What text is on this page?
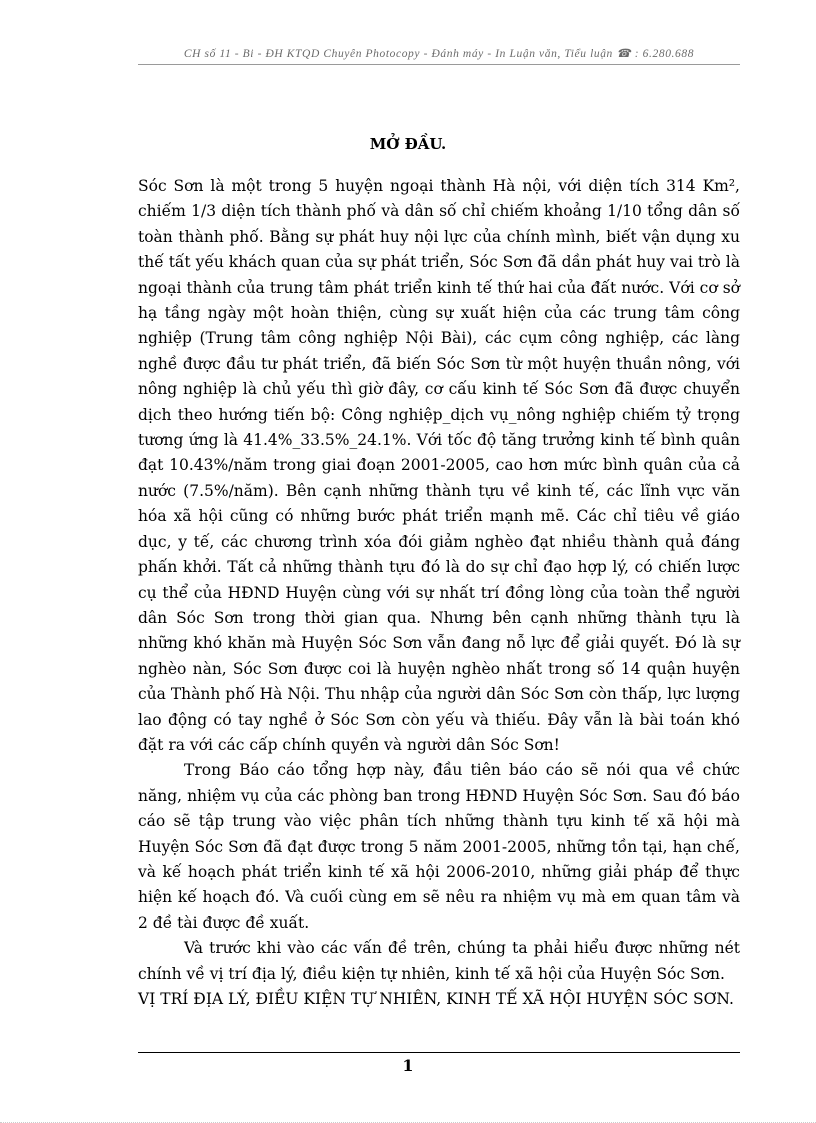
CH số 11 - Bi - ĐH KTQD Chuyên Photocopy - Đánh máy - In Luận văn, Tiểu luận ☎ : 6.280.688
MỞ ĐẦU.

Sóc Sơn là một trong 5 huyện ngoại thành Hà nội, với diện tích 314 Km², chiếm 1/3 diện tích thành phố và dân số chỉ chiếm khoảng 1/10 tổng dân số toàn thành phố. Bằng sự phát huy nội lực của chính mình, biết vận dụng xu thế tất yếu khách quan của sự phát triển, Sóc Sơn đã dần phát huy vai trò là ngoại thành của trung tâm phát triển kinh tế thứ hai của đất nước. Với cơ sở hạ tầng ngày một hoàn thiện, cùng sự xuất hiện của các trung tâm công nghiệp (Trung tâm công nghiệp Nội Bài), các cụm công nghiệp, các làng nghề được đầu tư phát triển, đã biến Sóc Sơn từ một huyện thuần nông, với nông nghiệp là chủ yếu thì giờ đây, cơ cấu kinh tế Sóc Sơn đã được chuyển dịch theo hướng tiến bộ: Công nghiệp_dịch vụ_nông nghiệp chiếm tỷ trọng tương ứng là 41.4%_33.5%_24.1%. Với tốc độ tăng trưởng kinh tế bình quân đạt 10.43%/năm trong giai đoạn 2001-2005, cao hơn mức bình quân của cả nước (7.5%/năm). Bên cạnh những thành tựu về kinh tế, các lĩnh vực văn hóa xã hội cũng có những bước phát triển mạnh mẽ. Các chỉ tiêu về giáo dục, y tế, các chương trình xóa đói giảm nghèo đạt nhiều thành quả đáng phấn khởi. Tất cả những thành tựu đó là do sự chỉ đạo hợp lý, có chiến lược cụ thể của HĐND Huyện cùng với sự nhất trí đồng lòng của toàn thể người dân Sóc Sơn trong thời gian qua. Nhưng bên cạnh những thành tựu là những khó khăn mà Huyện Sóc Sơn vẫn đang nỗ lực để giải quyết. Đó là sự nghèo nàn, Sóc Sơn được coi là huyện nghèo nhất trong số 14 quận huyện của Thành phố Hà Nội. Thu nhập của người dân Sóc Sơn còn thấp, lực lượng lao động có tay nghề ở Sóc Sơn còn yếu và thiếu. Đây vẫn là bài toán khó đặt ra với các cấp chính quyền và người dân Sóc Sơn!

Trong Báo cáo tổng hợp này, đầu tiên báo cáo sẽ nói qua về chức năng, nhiệm vụ của các phòng ban trong HĐND Huyện Sóc Sơn. Sau đó báo cáo sẽ tập trung vào việc phân tích những thành tựu kinh tế xã hội mà Huyện Sóc Sơn đã đạt được trong 5 năm 2001-2005, những tồn tại, hạn chế, và kế hoạch phát triển kinh tế xã hội 2006-2010, những giải pháp để thực hiện kế hoạch đó. Và cuối cùng em sẽ nêu ra nhiệm vụ mà em quan tâm và 2 đề tài được đề xuất.

Và trước khi vào các vấn đề trên, chúng ta phải hiểu được những nét chính về vị trí địa lý, điều kiện tự nhiên, kinh tế xã hội của Huyện Sóc Sơn.

VỊ TRÍ ĐỊA LÝ, ĐIỀU KIỆN TỰ NHIÊN, KINH TẾ XÃ HỘI HUYỆN SÓC SƠN.

1
